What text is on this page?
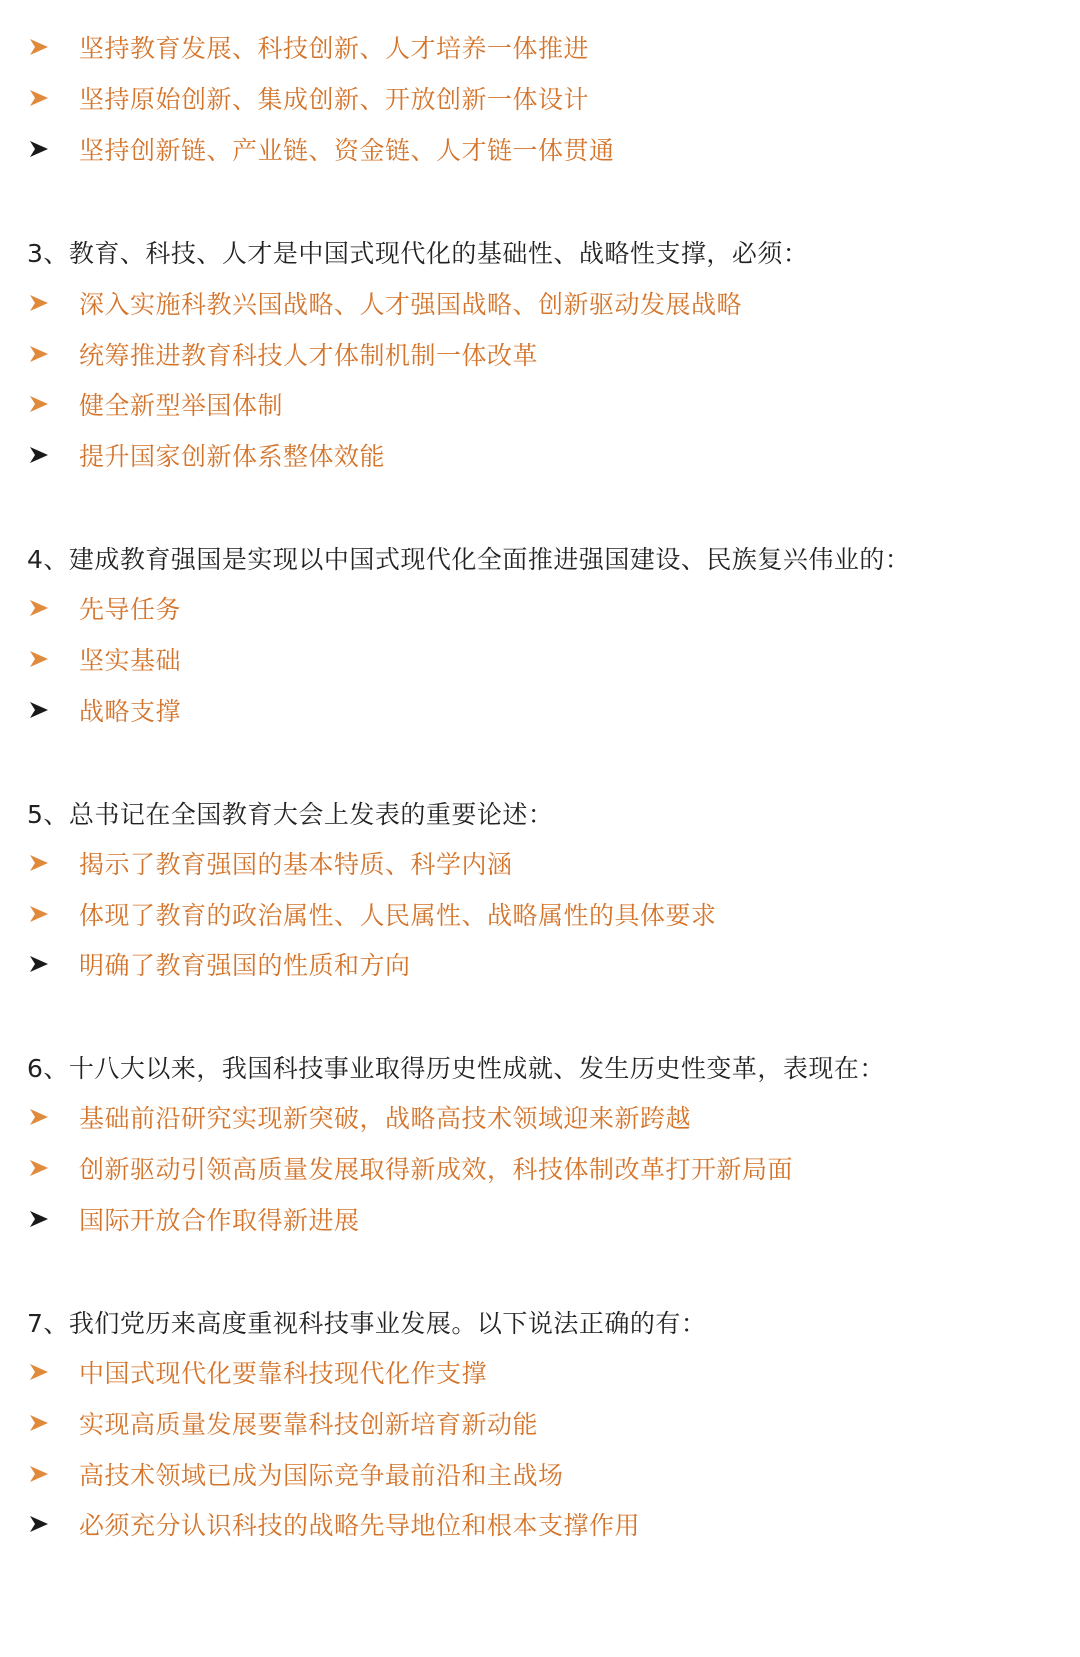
坚持教育发展、科技创新、人才培养一体推进
坚持原始创新、集成创新、开放创新一体设计
坚持创新链、产业链、资金链、人才链一体贯通
3、教育、科技、人才是中国式现代化的基础性、战略性支撑，必须：
深入实施科教兴国战略、人才强国战略、创新驱动发展战略
统筹推进教育科技人才体制机制一体改革
健全新型举国体制
提升国家创新体系整体效能
4、建成教育强国是实现以中国式现代化全面推进强国建设、民族复兴伟业的：
先导任务
坚实基础
战略支撑
5、总书记在全国教育大会上发表的重要论述：
揭示了教育强国的基本特质、科学内涵
体现了教育的政治属性、人民属性、战略属性的具体要求
明确了教育强国的性质和方向
6、十八大以来，我国科技事业取得历史性成就、发生历史性变革，表现在：
基础前沿研究实现新突破，战略高技术领域迎来新跨越
创新驱动引领高质量发展取得新成效，科技体制改革打开新局面
国际开放合作取得新进展
7、我们党历来高度重视科技事业发展。以下说法正确的有：
中国式现代化要靠科技现代化作支撑
实现高质量发展要靠科技创新培育新动能
高技术领域已成为国际竞争最前沿和主战场
必须充分认识科技的战略先导地位和根本支撑作用
